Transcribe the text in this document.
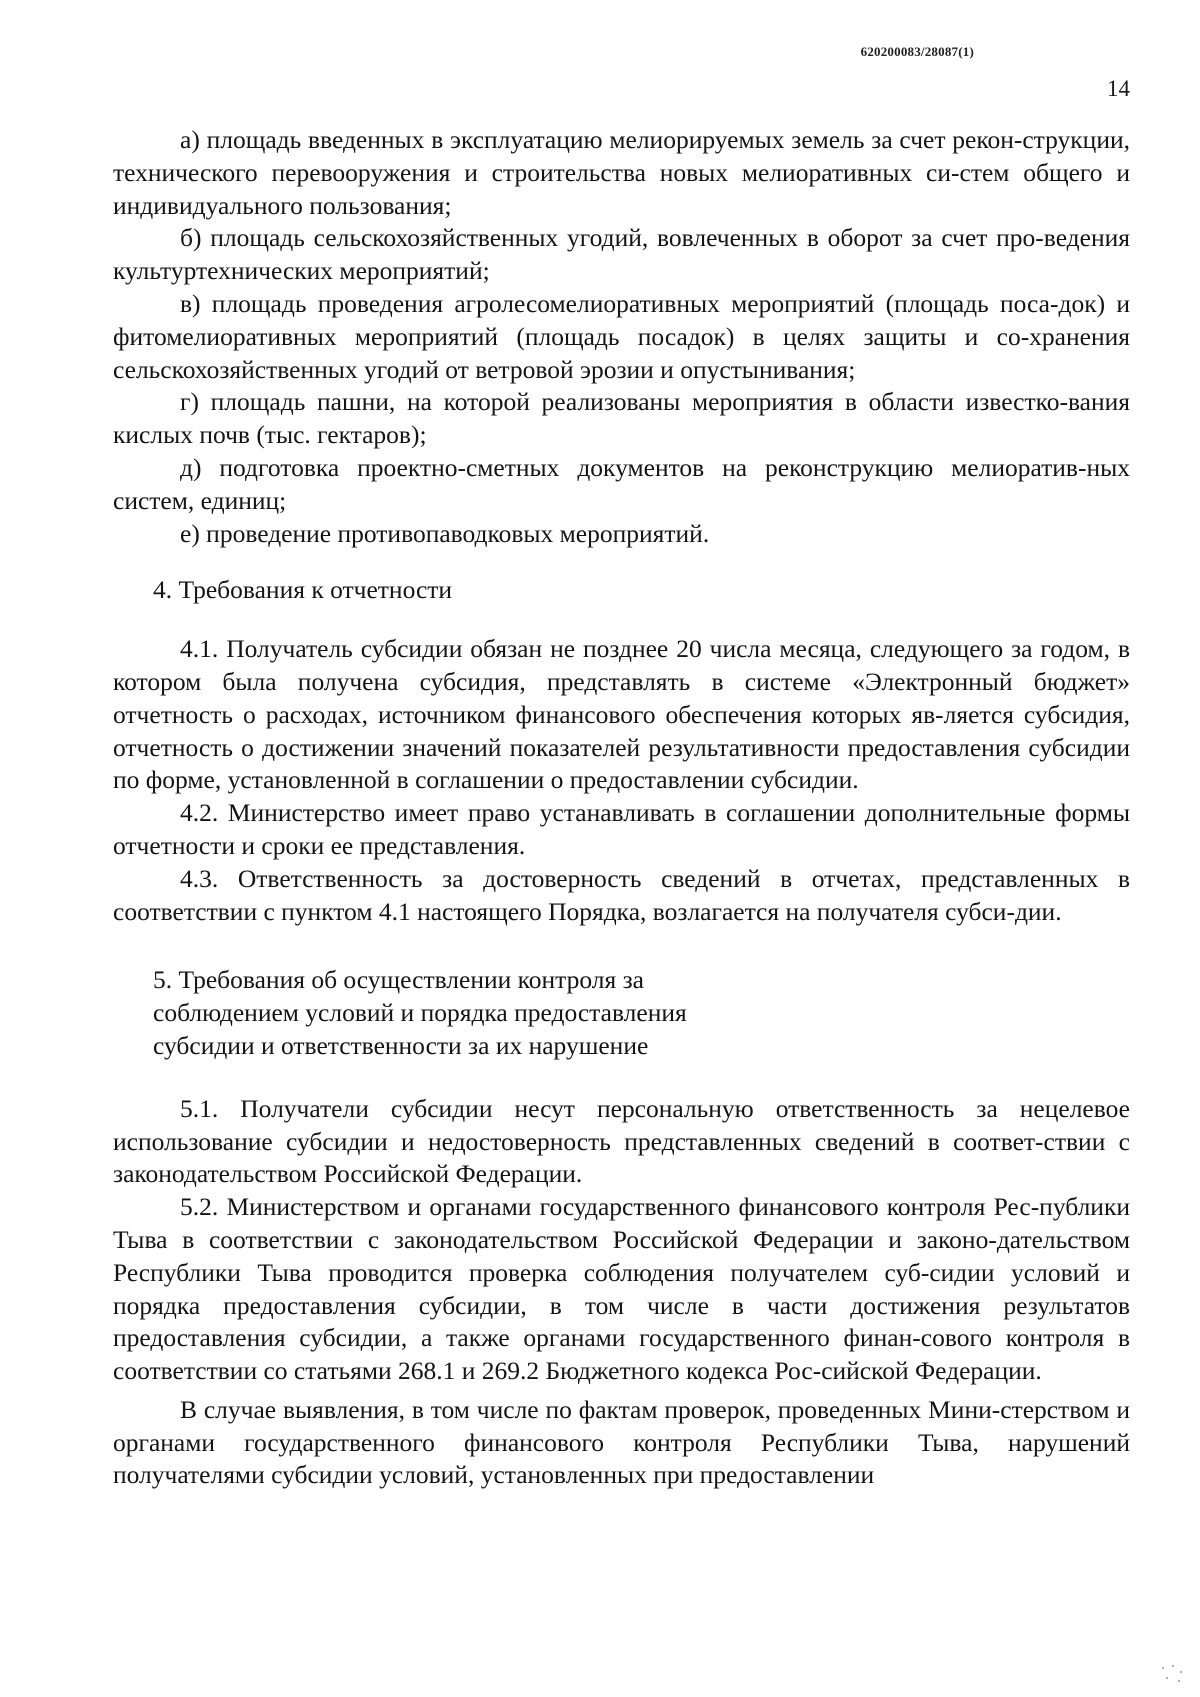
620200083/28087(1)
14

а) площадь введенных в эксплуатацию мелиорируемых земель за счет рекон-струкции, технического перевооружения и строительства новых мелиоративных си-стем общего и индивидуального пользования;

б) площадь сельскохозяйственных угодий, вовлеченных в оборот за счет про-ведения культуртехнических мероприятий;

в) площадь проведения агролесомелиоративных мероприятий (площадь поса-док) и фитомелиоративных мероприятий (площадь посадок) в целях защиты и со-хранения сельскохозяйственных угодий от ветровой эрозии и опустынивания;

г) площадь пашни, на которой реализованы мероприятия в области известко-вания кислых почв (тыс. гектаров);

д) подготовка проектно-сметных документов на реконструкцию мелиоратив-ных систем, единиц;

е) проведение противопаводковых мероприятий.

4. Требования к отчетности

4.1. Получатель субсидии обязан не позднее 20 числа месяца, следующего за годом, в котором была получена субсидия, представлять в системе «Электронный бюджет» отчетность о расходах, источником финансового обеспечения которых яв-ляется субсидия, отчетность о достижении значений показателей результативности предоставления субсидии по форме, установленной в соглашении о предоставлении субсидии.

4.2. Министерство имеет право устанавливать в соглашении дополнительные формы отчетности и сроки ее представления.

4.3. Ответственность за достоверность сведений в отчетах, представленных в соответствии с пунктом 4.1 настоящего Порядка, возлагается на получателя субси-дии.

5. Требования об осуществлении контроля за
соблюдением условий и порядка предоставления
субсидии и ответственности за их нарушение

5.1. Получатели субсидии несут персональную ответственность за нецелевое использование субсидии и недостоверность представленных сведений в соответ-ствии с законодательством Российской Федерации.

5.2. Министерством и органами государственного финансового контроля Рес-публики Тыва в соответствии с законодательством Российской Федерации и законо-дательством Республики Тыва проводится проверка соблюдения получателем суб-сидии условий и порядка предоставления субсидии, в том числе в части достижения результатов предоставления субсидии, а также органами государственного финан-сового контроля в соответствии со статьями 268.1 и 269.2 Бюджетного кодекса Рос-сийской Федерации.

В случае выявления, в том числе по фактам проверок, проведенных Мини-стерством и органами государственного финансового контроля Республики Тыва, нарушений получателями субсидии условий, установленных при предоставлении
